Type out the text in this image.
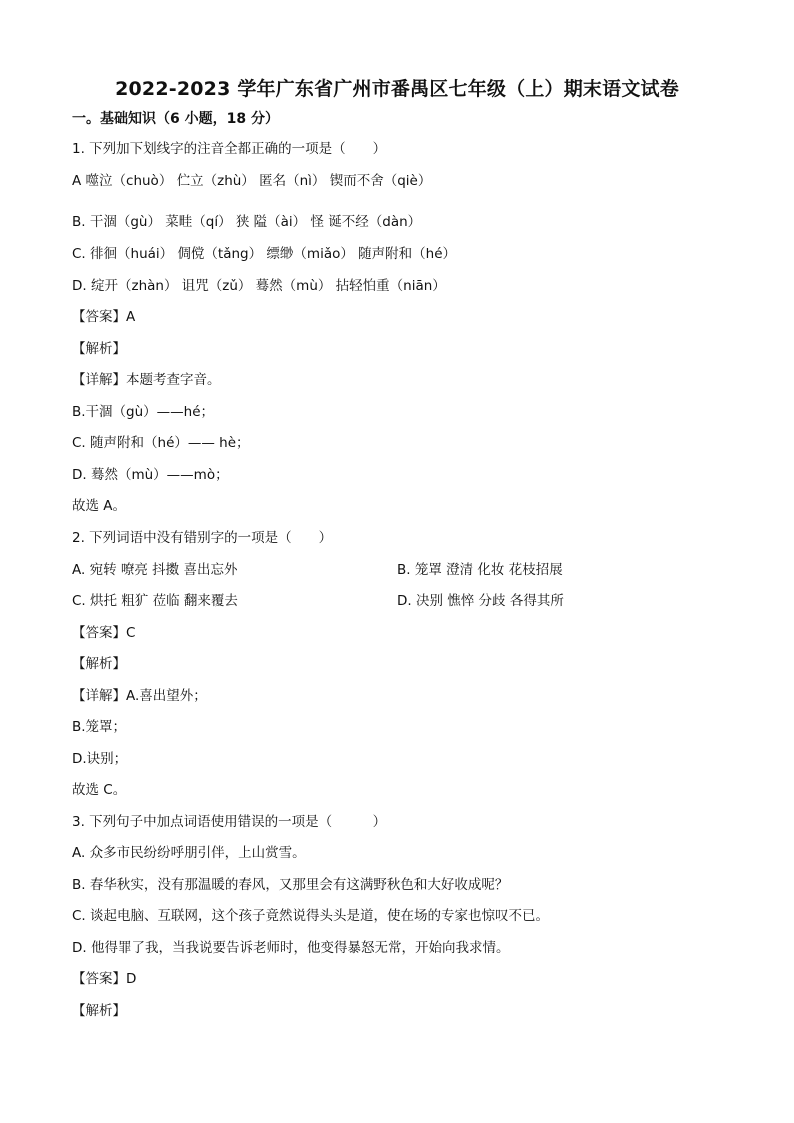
2022-2023 学年广东省广州市番禺区七年级（上）期末语文试卷
一。基础知识（6 小题，18 分）
1. 下列加下划线字的注音全都正确的一项是（　　）
A 噬泣（chuò） 伫立（zhù） 匿名（nì） 锲而不舍（qiè）
B. 干涸（gù） 菜畦（qí） 狭 隘（ài） 怪 诞不经（dàn）
C. 徘徊（huái） 倜傥（tǎng） 缥缈（miǎo） 随声附和（hé）
D. 绽开（zhàn） 诅咒（zǔ） 蓦然（mù） 拈轻怕重（niān）
【答案】A
【解析】
【详解】本题考查字音。
B.干涸（gù）——hé；
C. 随声附和（hé）—— hè；
D. 蓦然（mù）——mò；
故选 A。
2. 下列词语中没有错别字的一项是（　　）
A. 宛转 嘹亮 抖擞 喜出忘外	B. 笼罩 澄清 化妆 花枝招展
C. 烘托 粗犷 莅临 翻来覆去	D. 决别 憔悴 分歧 各得其所
【答案】C
【解析】
【详解】A.喜出望外；
B.笼罩；
D.诀别；
故选 C。
3. 下列句子中加点词语使用错误的一项是（　　　）
A. 众多市民纷纷呼朋引伴，上山赏雪。
B. 春华秋实，没有那温暖的春风，又那里会有这满野秋色和大好收成呢？
C. 谈起电脑、互联网，这个孩子竟然说得头头是道，使在场的专家也惊叹不已。
D. 他得罪了我，当我说要告诉老师时，他变得暴怒无常，开始向我求情。
【答案】D
【解析】
